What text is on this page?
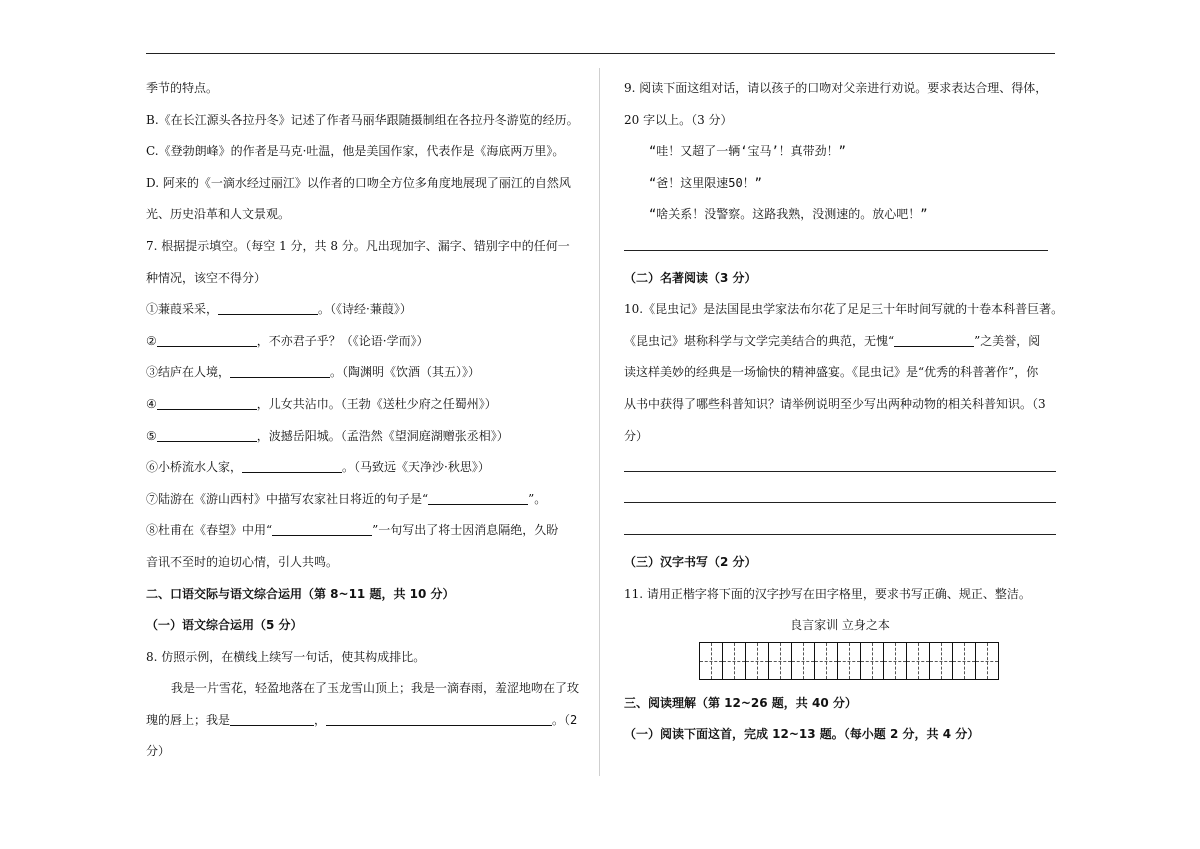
季节的特点。
B.《在长江源头各拉丹冬》记述了作者马丽华跟随摄制组在各拉丹冬游览的经历。
C.《登勃朗峰》的作者是马克·吐温，他是美国作家，代表作是《海底两万里》。
D. 阿来的《一滴水经过丽江》以作者的口吻全方位多角度地展现了丽江的自然风
光、历史沿革和人文景观。
7. 根据提示填空。（每空 1 分，共 8 分。凡出现加字、漏字、错别字中的任何一
种情况，该空不得分）
①蒹葭采采，	。（《诗经·蒹葭》）
②	，不亦君子乎？（《论语·学而》）
③结庐在人境，	。（陶渊明《饮酒（其五）》）
④	，儿女共沾巾。（王勃《送杜少府之任蜀州》）
⑤	，波撼岳阳城。（孟浩然《望洞庭湖赠张丞相》）
⑥小桥流水人家，	。（马致远《天净沙·秋思》）
⑦陆游在《游山西村》中描写农家社日将近的句子是“	”。
⑧杜甫在《春望》中用“	”一句写出了将士因消息隔绝，久盼
音讯不至时的迫切心情，引人共鸣。
二、口语交际与语文综合运用（第 8~11 题，共 10 分）
（一）语文综合运用（5 分）
8. 仿照示例，在横线上续写一句话，使其构成排比。
我是一片雪花，轻盈地落在了玉龙雪山顶上；我是一滴春雨，羞涩地吻在了玫
瑰的唇上；我是	，	。（2
分）
9. 阅读下面这组对话，请以孩子的口吻对父亲进行劝说。要求表达合理、得体，
20 字以上。（3 分）
“哇！又超了一辆‘宝马’！真带劲！”
“爸！这里限速50！”
“啥关系！没警察。这路我熟，没测速的。放心吧！”
（二）名著阅读（3 分）
10.《昆虫记》是法国昆虫学家法布尔花了足足三十年时间写就的十卷本科普巨著。
《昆虫记》堪称科学与文学完美结合的典范，无愧“	”之美誉，阅
读这样美妙的经典是一场愉快的精神盛宴。《昆虫记》是“优秀的科普著作”，你
从书中获得了哪些科普知识？请举例说明至少写出两种动物的相关科普知识。（3
分）
（三）汉字书写（2 分）
11. 请用正楷字将下面的汉字抄写在田字格里，要求书写正确、规正、整洁。
良言家训 立身之本
三、阅读理解（第 12~26 题，共 40 分）
（一）阅读下面这首，完成 12~13 题。（每小题 2 分，共 4 分）
